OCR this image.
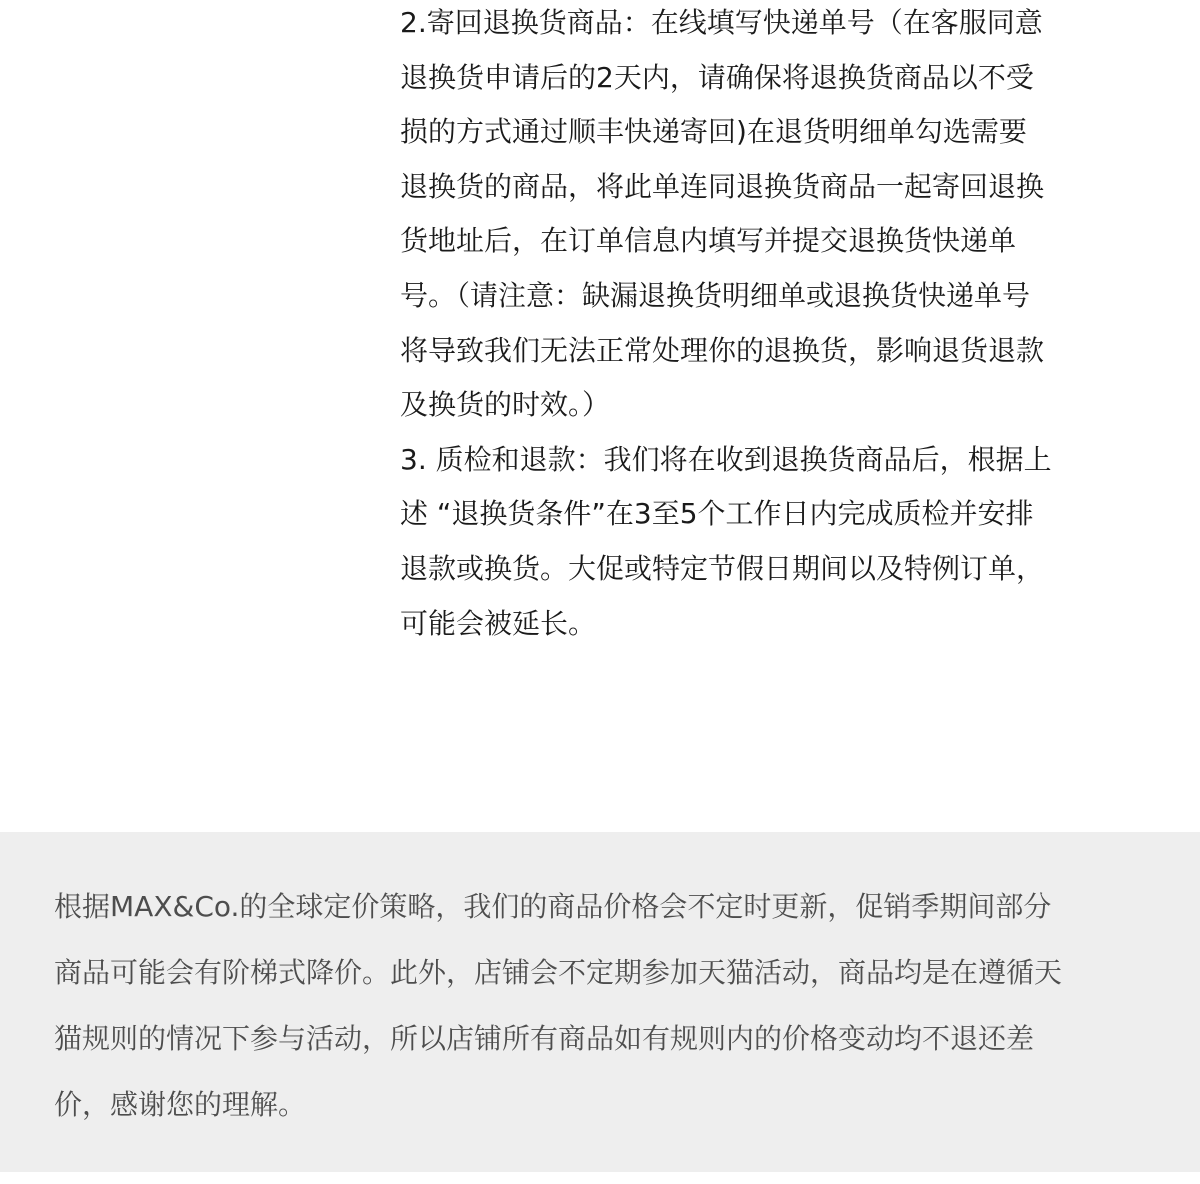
2.寄回退换货商品：在线填写快递单号（在客服同意
退换货申请后的2天内，请确保将退换货商品以不受
损的方式通过顺丰快递寄回)在退货明细单勾选需要
退换货的商品，将此单连同退换货商品一起寄回退换
货地址后，在订单信息内填写并提交退换货快递单
号。（请注意：缺漏退换货明细单或退换货快递单号
将导致我们无法正常处理你的退换货，影响退货退款
及换货的时效。）

3. 质检和退款：我们将在收到退换货商品后，根据上
述 “退换货条件”在3至5个工作日内完成质检并安排
退款或换货。大促或特定节假日期间以及特例订单，
可能会被延长。

根据MAX&Co.的全球定价策略，我们的商品价格会不定时更新，促销季期间部分
商品可能会有阶梯式降价。此外，店铺会不定期参加天猫活动，商品均是在遵循天
猫规则的情况下参与活动，所以店铺所有商品如有规则内的价格变动均不退还差
价，感谢您的理解。
